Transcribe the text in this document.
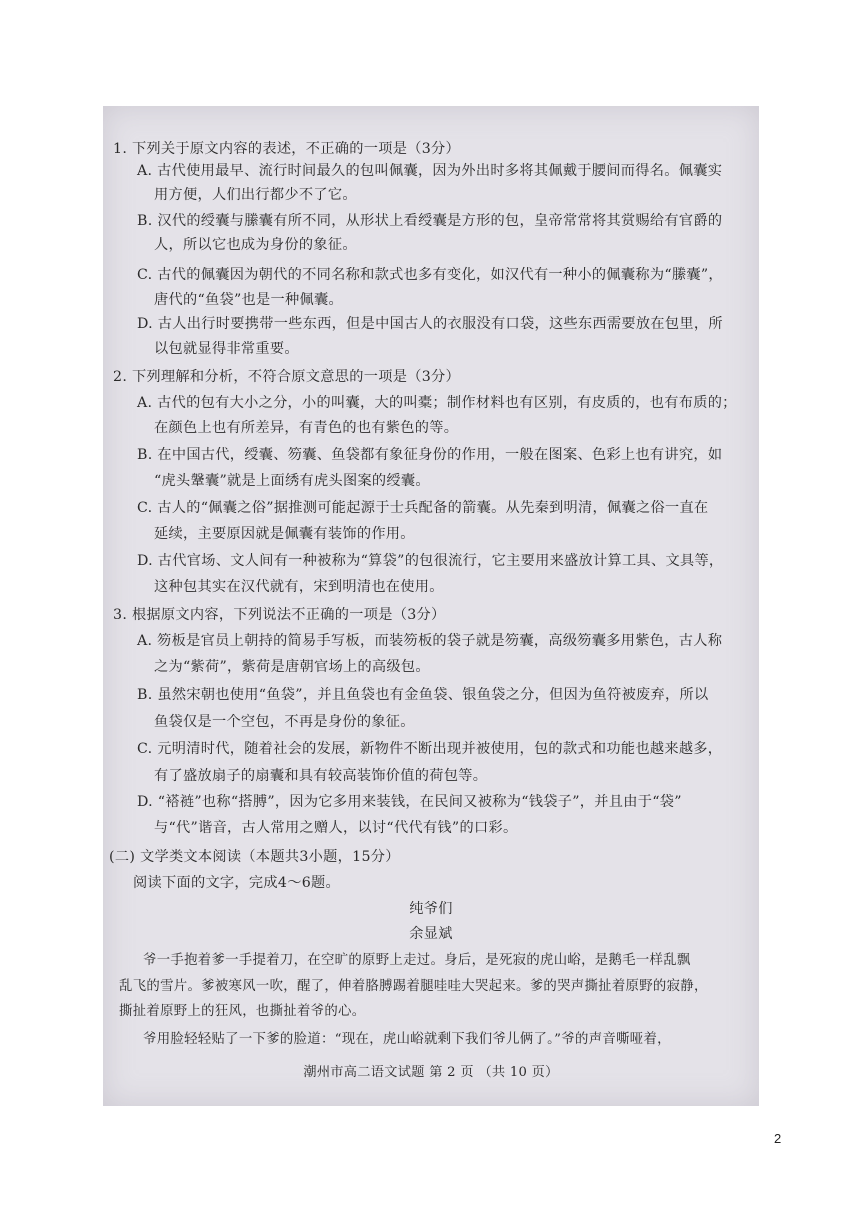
1. 下列关于原文内容的表述，不正确的一项是（3分）
A. 古代使用最早、流行时间最久的包叫佩囊，因为外出时多将其佩戴于腰间而得名。佩囊实
用方便，人们出行都少不了它。
B. 汉代的绶囊与縢囊有所不同，从形状上看绶囊是方形的包，皇帝常常将其赏赐给有官爵的
人，所以它也成为身份的象征。
C. 古代的佩囊因为朝代的不同名称和款式也多有变化，如汉代有一种小的佩囊称为“縢囊”，
唐代的“鱼袋”也是一种佩囊。
D. 古人出行时要携带一些东西，但是中国古人的衣服没有口袋，这些东西需要放在包里，所
以包就显得非常重要。
2. 下列理解和分析，不符合原文意思的一项是（3分）
A. 古代的包有大小之分，小的叫囊，大的叫橐；制作材料也有区别，有皮质的，也有布质的；
在颜色上也有所差异，有青色的也有紫色的等。
B. 在中国古代，绶囊、笏囊、鱼袋都有象征身份的作用，一般在图案、色彩上也有讲究，如
“虎头鞶囊”就是上面绣有虎头图案的绶囊。
C. 古人的“佩囊之俗”据推测可能起源于士兵配备的箭囊。从先秦到明清，佩囊之俗一直在
延续，主要原因就是佩囊有装饰的作用。
D. 古代官场、文人间有一种被称为“算袋”的包很流行，它主要用来盛放计算工具、文具等，
这种包其实在汉代就有，宋到明清也在使用。
3. 根据原文内容，下列说法不正确的一项是（3分）
A. 笏板是官员上朝持的简易手写板，而装笏板的袋子就是笏囊，高级笏囊多用紫色，古人称
之为“紫荷”，紫荷是唐朝官场上的高级包。
B. 虽然宋朝也使用“鱼袋”，并且鱼袋也有金鱼袋、银鱼袋之分，但因为鱼符被废弃，所以
鱼袋仅是一个空包，不再是身份的象征。
C. 元明清时代，随着社会的发展，新物件不断出现并被使用，包的款式和功能也越来越多，
有了盛放扇子的扇囊和具有较高装饰价值的荷包等。
D. “褡裢”也称“搭膊”，因为它多用来装钱，在民间又被称为“钱袋子”，并且由于“袋”
与“代”谐音，古人常用之赠人，以讨“代代有钱”的口彩。
(二) 文学类文本阅读（本题共3小题，15分）
阅读下面的文字，完成4～6题。
纯爷们
余显斌
爷一手抱着爹一手提着刀，在空旷的原野上走过。身后，是死寂的虎山峪，是鹅毛一样乱飘
乱飞的雪片。爹被寒风一吹，醒了，伸着胳膊踢着腿哇哇大哭起来。爹的哭声撕扯着原野的寂静，
撕扯着原野上的狂风，也撕扯着爷的心。
爷用脸轻轻贴了一下爹的脸道：“现在，虎山峪就剩下我们爷儿俩了。”爷的声音嘶哑着，
潮州市高二语文试题 第 2 页 （共 10 页）
2
